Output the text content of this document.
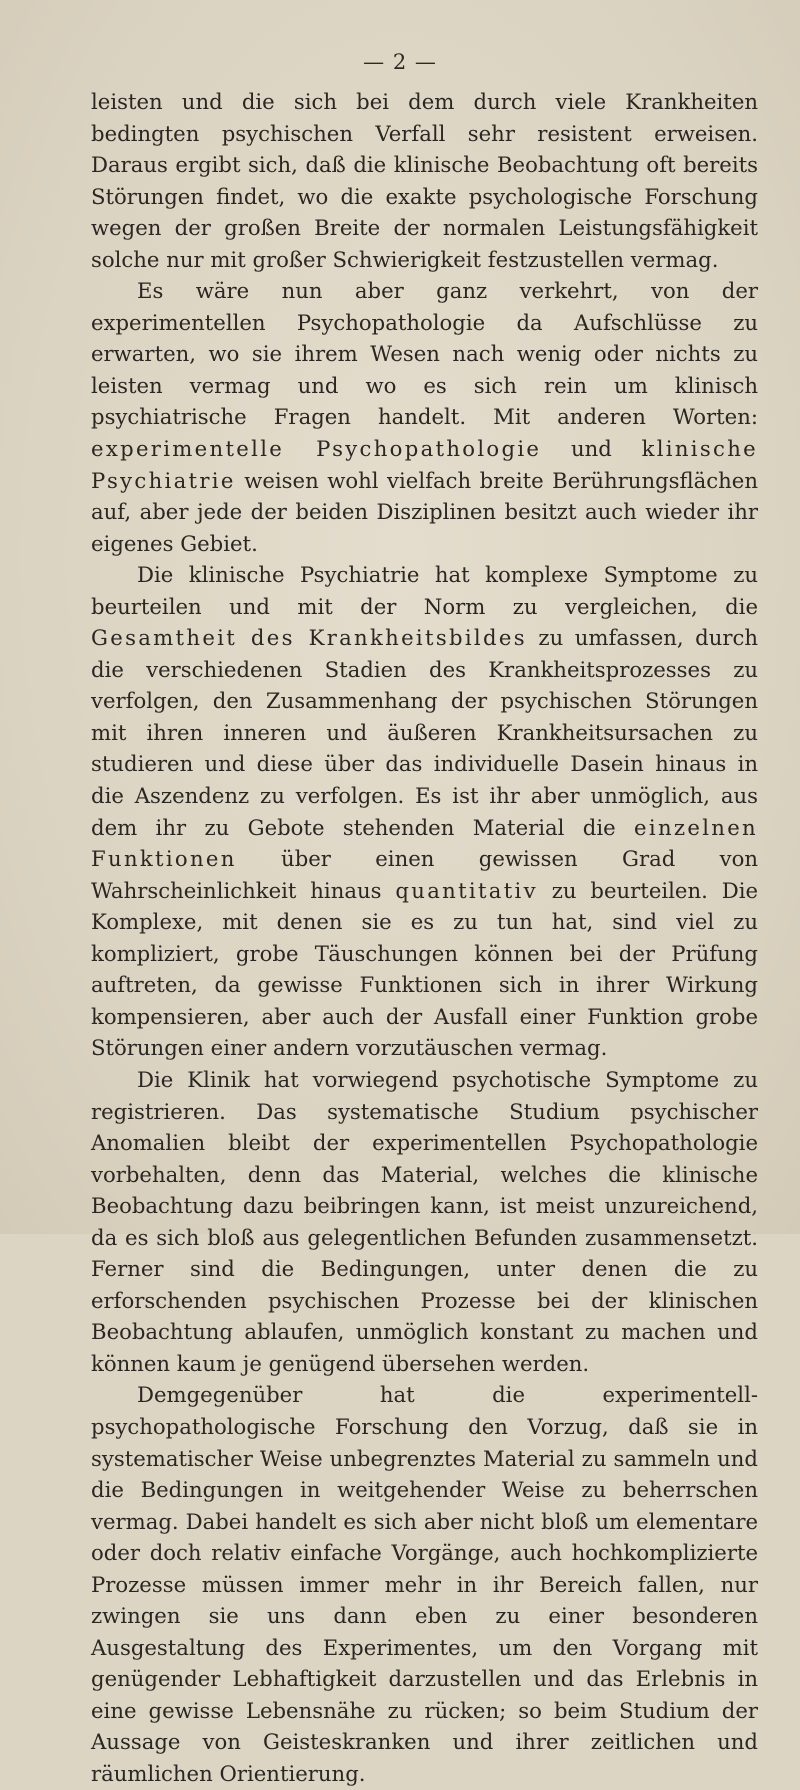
— 2 —

leisten und die sich bei dem durch viele Krankheiten bedingten psychischen Verfall sehr resistent erweisen. Daraus ergibt sich, daß die klinische Beobachtung oft bereits Störungen findet, wo die exakte psychologische Forschung wegen der großen Breite der normalen Leistungsfähigkeit solche nur mit großer Schwierigkeit festzustellen vermag.

Es wäre nun aber ganz verkehrt, von der experimentellen Psychopathologie da Aufschlüsse zu erwarten, wo sie ihrem Wesen nach wenig oder nichts zu leisten vermag und wo es sich rein um klinisch psychiatrische Fragen handelt. Mit anderen Worten: experimentelle Psychopathologie und klinische Psychiatrie weisen wohl vielfach breite Berührungsflächen auf, aber jede der beiden Disziplinen besitzt auch wieder ihr eigenes Gebiet.

Die klinische Psychiatrie hat komplexe Symptome zu beurteilen und mit der Norm zu vergleichen, die Gesamtheit des Krankheitsbildes zu umfassen, durch die verschiedenen Stadien des Krankheitsprozesses zu verfolgen, den Zusammenhang der psychischen Störungen mit ihren inneren und äußeren Krankheitsursachen zu studieren und diese über das individuelle Dasein hinaus in die Aszendenz zu verfolgen. Es ist ihr aber unmöglich, aus dem ihr zu Gebote stehenden Material die einzelnen Funktionen über einen gewissen Grad von Wahrscheinlichkeit hinaus quantitativ zu beurteilen. Die Komplexe, mit denen sie es zu tun hat, sind viel zu kompliziert, grobe Täuschungen können bei der Prüfung auftreten, da gewisse Funktionen sich in ihrer Wirkung kompensieren, aber auch der Ausfall einer Funktion grobe Störungen einer andern vorzutäuschen vermag.

Die Klinik hat vorwiegend psychotische Symptome zu registrieren. Das systematische Studium psychischer Anomalien bleibt der experimentellen Psychopathologie vorbehalten, denn das Material, welches die klinische Beobachtung dazu beibringen kann, ist meist unzureichend, da es sich bloß aus gelegentlichen Befunden zusammensetzt. Ferner sind die Bedingungen, unter denen die zu erforschenden psychischen Prozesse bei der klinischen Beobachtung ablaufen, unmöglich konstant zu machen und können kaum je genügend übersehen werden.

Demgegenüber hat die experimentell-psychopathologische Forschung den Vorzug, daß sie in systematischer Weise unbegrenztes Material zu sammeln und die Bedingungen in weitgehender Weise zu beherrschen vermag. Dabei handelt es sich aber nicht bloß um elementare oder doch relativ einfache Vorgänge, auch hochkomplizierte Prozesse müssen immer mehr in ihr Bereich fallen, nur zwingen sie uns dann eben zu einer besonderen Ausgestaltung des Experimentes, um den Vorgang mit genügender Lebhaftigkeit darzustellen und das Erlebnis in eine gewisse Lebensnähe zu rücken; so beim Studium der Aussage von Geisteskranken und ihrer zeitlichen und räumlichen Orientierung.
